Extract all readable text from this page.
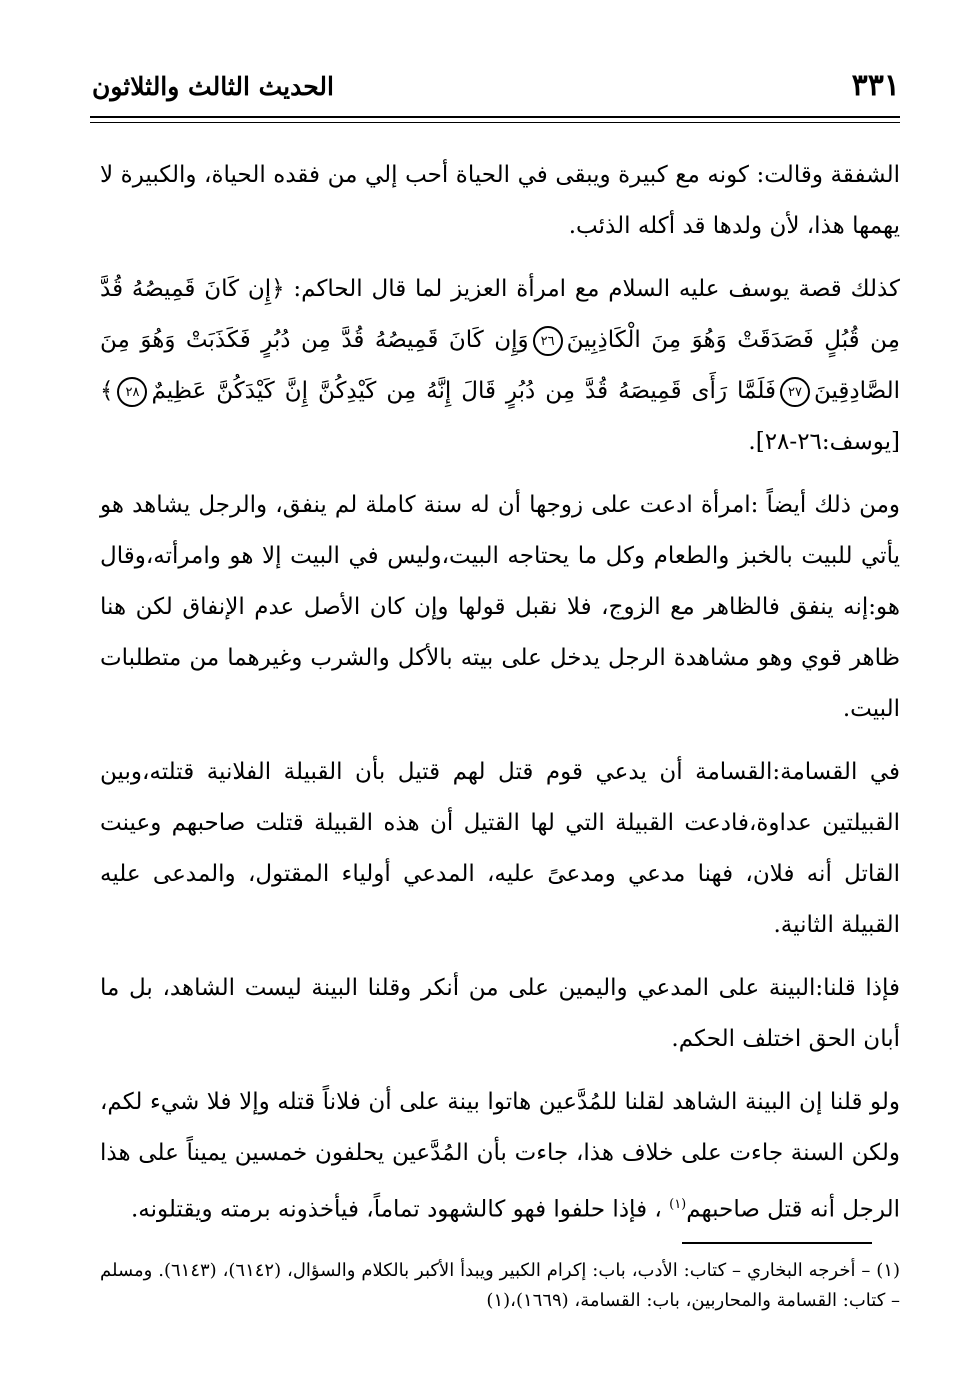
٣٣١
الحديث الثالث والثلاثون

الشفقة وقالت: كونه مع كبيرة ويبقى في الحياة أحب إلي من فقده الحياة، والكبيرة لا يهمها هذا، لأن ولدها قد أكله الذئب.

كذلك قصة يوسف عليه السلام مع امرأة العزيز لما قال الحاكم: ﴿إِن كَانَ قَمِيصُهُ قُدَّ مِن قُبُلٍ فَصَدَقَتْ وَهُوَ مِنَ الْكَاذِبِينَ٢٦وَإِن كَانَ قَمِيصُهُ قُدَّ مِن دُبُرٍ فَكَذَبَتْ وَهُوَ مِنَ الصَّادِقِينَ٢٧فَلَمَّا رَأَى قَمِيصَهُ قُدَّ مِن دُبُرٍ قَالَ إِنَّهُ مِن كَيْدِكُنَّ إِنَّ كَيْدَكُنَّ عَظِيمٌ٢٨﴾[يوسف:٢٦-٢٨].

ومن ذلك أيضاً :امرأة ادعت على زوجها أن له سنة كاملة لم ينفق، والرجل يشاهد هو يأتي للبيت بالخبز والطعام وكل ما يحتاجه البيت،وليس في البيت إلا هو وامرأته،وقال هو:إنه ينفق فالظاهر مع الزوج، فلا نقبل قولها وإن كان الأصل عدم الإنفاق لكن هنا ظاهر قوي وهو مشاهدة الرجل يدخل على بيته بالأكل والشرب وغيرهما من متطلبات البيت.

في القسامة:القسامة أن يدعي قوم قتل لهم قتيل بأن القبيلة الفلانية قتلته،وبين القبيلتين عداوة،فادعت القبيلة التي لها القتيل أن هذه القبيلة قتلت صاحبهم وعينت القاتل أنه فلان، فهنا مدعي ومدعىً عليه، المدعي أولياء المقتول، والمدعى عليه القبيلة الثانية.

فإذا قلنا:البينة على المدعي واليمين على من أنكر وقلنا البينة ليست الشاهد، بل ما أبان الحق اختلف الحكم.

ولو قلنا إن البينة الشاهد لقلنا للمُدَّعين هاتوا بينة على أن فلاناً قتله وإلا فلا شيء لكم، ولكن السنة جاءت على خلاف هذا، جاءت بأن المُدَّعين يحلفون خمسين يميناً على هذا الرجل أنه قتل صاحبهم$^{(١)}$ ، فإذا حلفوا فهو كالشهود تماماً، فيأخذونه برمته ويقتلونه.

(١) – أخرجه البخاري – كتاب: الأدب، باب: إكرام الكبير ويبدأ الأكبر بالكلام والسؤال، (٦١٤٢)، (٦١٤٣). ومسلم – كتاب: القسامة والمحاربين، باب: القسامة، (١٦٦٩)،(١)
